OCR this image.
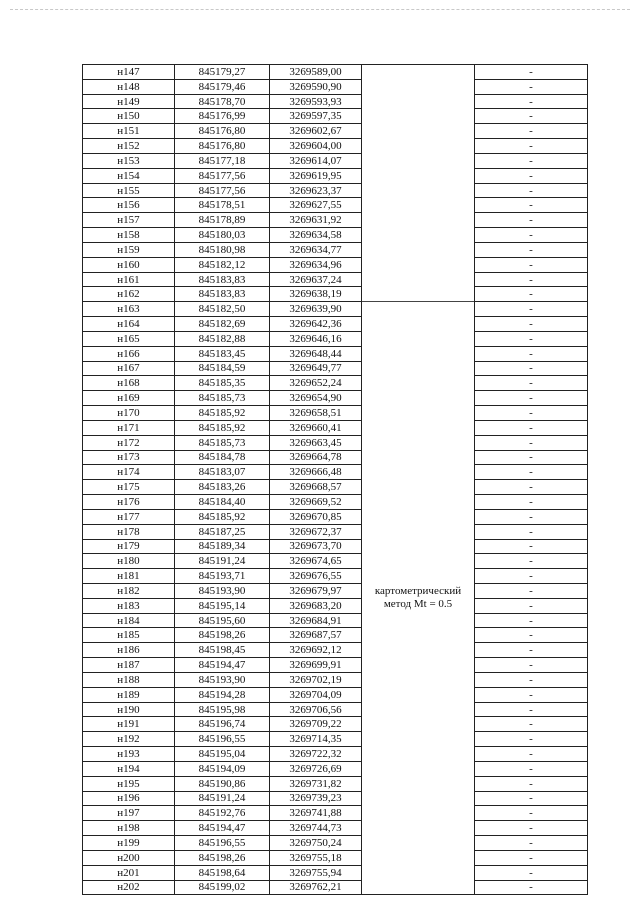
н147	845179,27	3269589,00		-
н148	845179,46	3269590,90		-
н149	845178,70	3269593,93		-
н150	845176,99	3269597,35		-
н151	845176,80	3269602,67		-
н152	845176,80	3269604,00		-
н153	845177,18	3269614,07		-
н154	845177,56	3269619,95		-
н155	845177,56	3269623,37		-
н156	845178,51	3269627,55		-
н157	845178,89	3269631,92		-
н158	845180,03	3269634,58		-
н159	845180,98	3269634,77		-
н160	845182,12	3269634,96		-
н161	845183,83	3269637,24		-
н162	845183,83	3269638,19		-
н163	845182,50	3269639,90	картометрический метод Mt = 0.5	-
н164	845182,69	3269642,36		-
н165	845182,88	3269646,16		-
н166	845183,45	3269648,44		-
н167	845184,59	3269649,77		-
н168	845185,35	3269652,24		-
н169	845185,73	3269654,90		-
н170	845185,92	3269658,51		-
н171	845185,92	3269660,41		-
н172	845185,73	3269663,45		-
н173	845184,78	3269664,78		-
н174	845183,07	3269666,48		-
н175	845183,26	3269668,57		-
н176	845184,40	3269669,52		-
н177	845185,92	3269670,85		-
н178	845187,25	3269672,37		-
н179	845189,34	3269673,70		-
н180	845191,24	3269674,65		-
н181	845193,71	3269676,55		-
н182	845193,90	3269679,97		-
н183	845195,14	3269683,20		-
н184	845195,60	3269684,91		-
н185	845198,26	3269687,57		-
н186	845198,45	3269692,12		-
н187	845194,47	3269699,91		-
н188	845193,90	3269702,19		-
н189	845194,28	3269704,09		-
н190	845195,98	3269706,56		-
н191	845196,74	3269709,22		-
н192	845196,55	3269714,35		-
н193	845195,04	3269722,32		-
н194	845194,09	3269726,69		-
н195	845190,86	3269731,82		-
н196	845191,24	3269739,23		-
н197	845192,76	3269741,88		-
н198	845194,47	3269744,73		-
н199	845196,55	3269750,24		-
н200	845198,26	3269755,18		-
н201	845198,64	3269755,94		-
н202	845199,02	3269762,21		-
